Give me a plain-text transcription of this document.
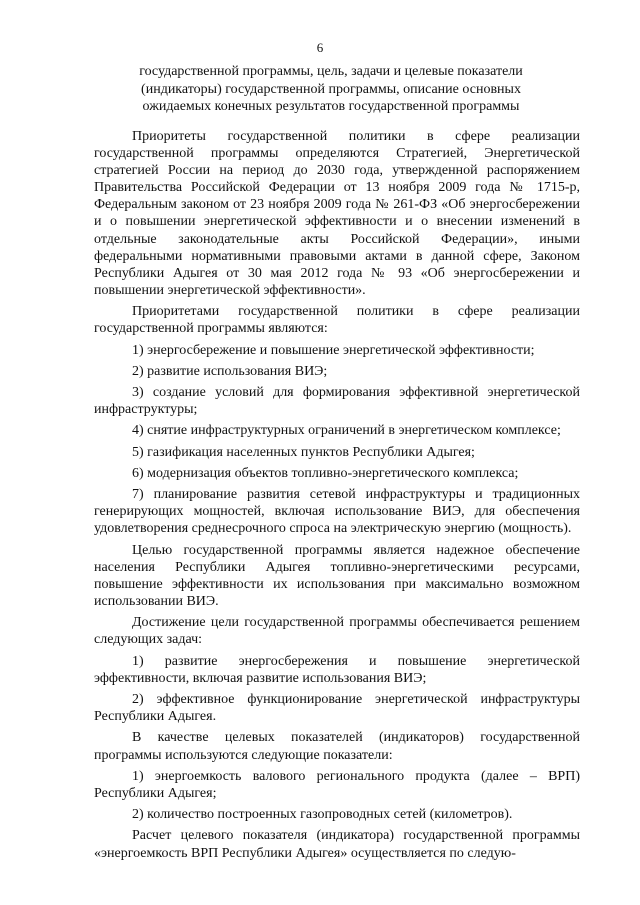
6
государственной программы, цель, задачи и целевые показатели
(индикаторы) государственной программы, описание основных
ожидаемых конечных результатов государственной программы

Приоритеты государственной политики в сфере реализации государственной программы определяются Стратегией, Энергетической стратегией России на период до 2030 года, утвержденной распоряжением Правительства Российской Федерации от 13 ноября 2009 года № 1715-р, Федеральным законом от 23 ноября 2009 года № 261-ФЗ «Об энергосбережении и о повышении энергетической эффективности и о внесении изменений в отдельные законодательные акты Российской Федерации», иными федеральными нормативными правовыми актами в данной сфере, Законом Республики Адыгея от 30 мая 2012 года № 93 «Об энергосбережении и повышении энергетической эффективности».

Приоритетами государственной политики в сфере реализации государственной программы являются:

1) энергосбережение и повышение энергетической эффективности;

2) развитие использования ВИЭ;

3) создание условий для формирования эффективной энергетической инфраструктуры;

4) снятие инфраструктурных ограничений в энергетическом комплексе;

5) газификация населенных пунктов Республики Адыгея;

6) модернизация объектов топливно-энергетического комплекса;

7) планирование развития сетевой инфраструктуры и традиционных генерирующих мощностей, включая использование ВИЭ, для обеспечения удовлетворения среднесрочного спроса на электрическую энергию (мощность).

Целью государственной программы является надежное обеспечение населения Республики Адыгея топливно-энергетическими ресурсами, повышение эффективности их использования при максимально возможном использовании ВИЭ.

Достижение цели государственной программы обеспечивается решением следующих задач:

1) развитие энергосбережения и повышение энергетической эффективности, включая развитие использования ВИЭ;

2) эффективное функционирование энергетической инфраструктуры Республики Адыгея.

В качестве целевых показателей (индикаторов) государственной программы используются следующие показатели:

1) энергоемкость валового регионального продукта (далее – ВРП) Республики Адыгея;

2) количество построенных газопроводных сетей (километров).

Расчет целевого показателя (индикатора) государственной программы «энергоемкость ВРП Республики Адыгея» осуществляется по следую-
